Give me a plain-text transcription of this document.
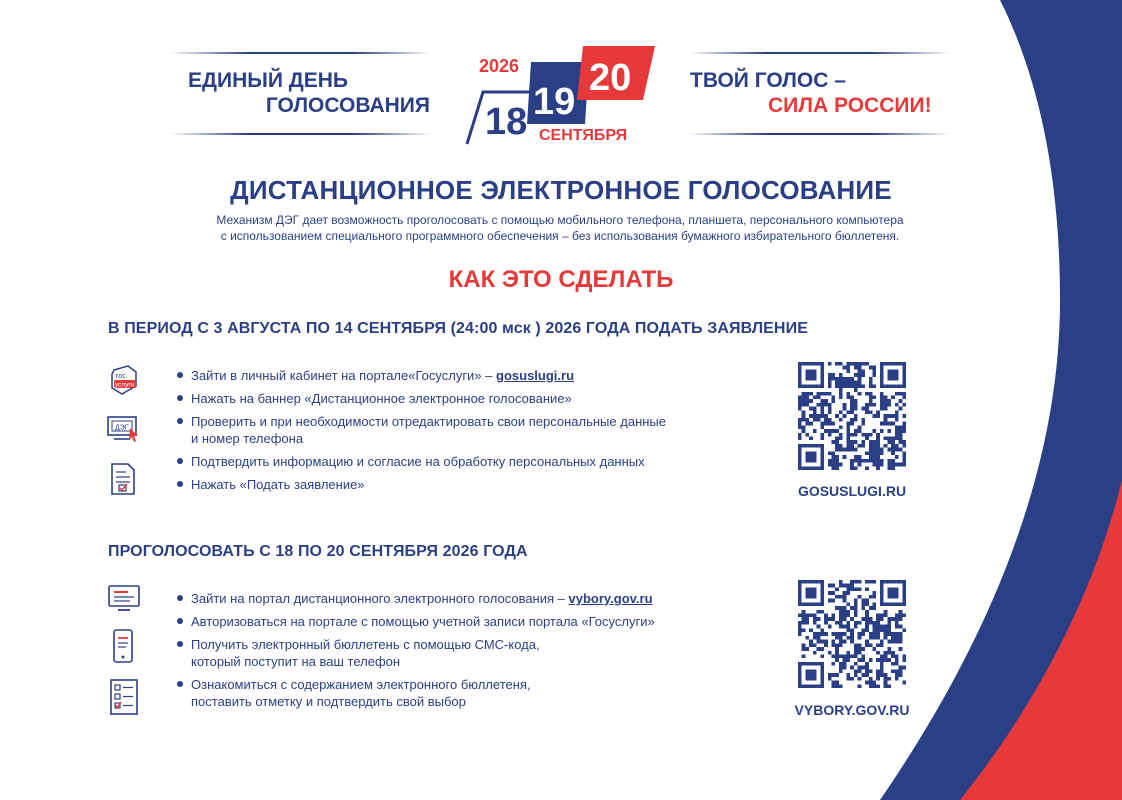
ЕДИНЫЙ ДЕНЬ
ГОЛОСОВАНИЯ
ТВОЙ ГОЛОС –
СИЛА РОССИИ!
2026
18 19
20
СЕНТЯБРЯ
ДИСТАНЦИОННОЕ ЭЛЕКТРОННОЕ ГОЛОСОВАНИЕ
Механизм ДЭГ дает возможность проголосовать с помощью мобильного телефона, планшета, персонального компьютера
с использованием специального программного обеспечения – без использования бумажного избирательного бюллетеня.
КАК ЭТО СДЕЛАТЬ
В ПЕРИОД С 3 АВГУСТА ПО 14 СЕНТЯБРЯ (24:00 мск ) 2026 ГОДА ПОДАТЬ ЗАЯВЛЕНИЕ
гос
услуги
ДЭГ
Зайти в личный кабинет на портале«Госуслуги» – gosuslugi.ru
Нажать на баннер «Дистанционное электронное голосование»
Проверить и при необходимости отредактировать свои персональные данные
и номер телефона
Подтвердить информацию и согласие на обработку персональных данных
Нажать «Подать заявление»	GOSUSLUGI.RU
ПРОГОЛОСОВАТЬ С 18 ПО 20 СЕНТЯБРЯ 2026 ГОДА
Зайти на портал дистанционного электронного голосования – vybory.gov.ru
Авторизоваться на портале с помощью учетной записи портала «Госуслуги»
Получить электронный бюллетень с помощью СМС-кода,
который поступит на ваш телефон
Ознакомиться с содержанием электронного бюллетеня,
поставить отметку и подтвердить свой выбор
VYBORY.GOV.RU
